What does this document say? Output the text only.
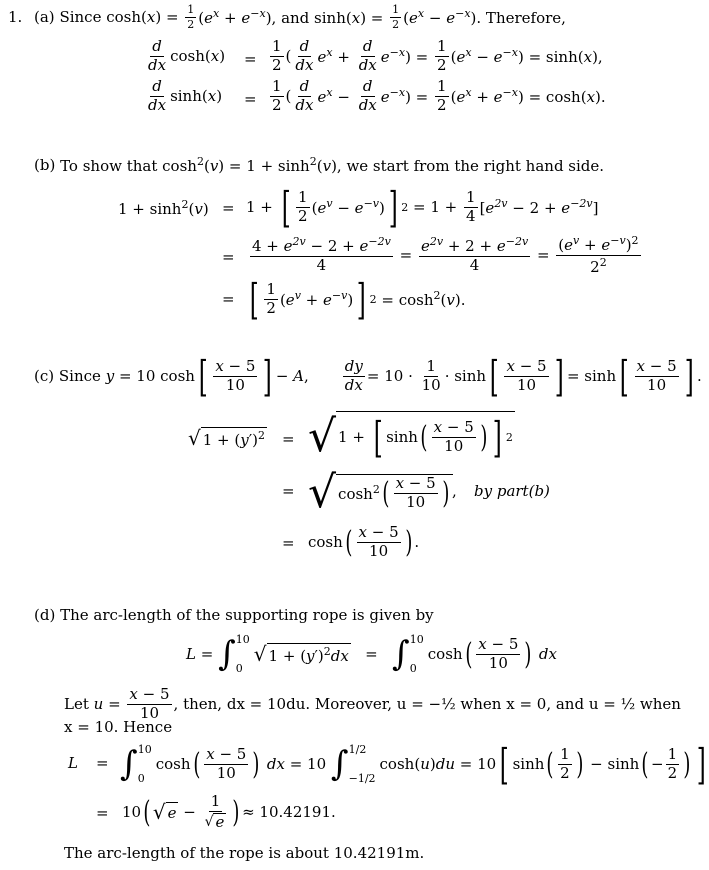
1. (a)
Since $\cosh(x) = \frac{1}{2} (e^x + e^{-x})$, and $\sinh(x) = \frac{1}{2} (e^x - e^{-x})$. Therefore,
$\frac{d}{dx} \cosh(x) = \frac{1}{2}$ ( $\frac{d}{dx} e^x + \frac{d}{dx} e^{-x}) = \frac{1}{2} (e^x - e^{-x}) = \sinh(x)$,
$\frac{d}{dx} \sinh(x) = \frac{1}{2}$ ( $\frac{d}{dx} e^x - \frac{d}{dx} e^{-x}) = \frac{1}{2} (e^x + e^{-x}) = \cosh(x)$.
(b)
To show that $\cosh^2(v) = 1 + \sinh^2(v)$, we start from the right hand side.
$1 + \sinh^2(v) = 1$ + [ $\frac{1}{2} (e^v - e^{-v})$ ] $2 = 1 + \frac{1}{4} [e^{2v} - 2 + e^{-2v}]$
= $\frac{4 + e^{2v} - 2 + e^{-2v}}{4} = \frac{e^{2v} + 2 + e^{-2v}}{4} = \frac{(e^v + e^{-v})^2}{2^2}$
= [ $\frac{1}{2} (e^v + e^{-v})$ ] $2 = \cosh^2(v)$.
(c)
Since
y = 10 cosh [ $\frac{x - 5}{10}$ ] − A, $\frac{dy}{dx} = 10 \cdot \frac{1}{10} \cdot \sinh$ [ $\frac{x - 5}{10}$ ] = sinh [ $\frac{x - 5}{10}$ ] .
√ $1 + (y')^2$ = √ 1 + [ sinh ( $\frac{x - 5}{10}$ ) ] 2
= √ $\cosh^2$ ( $\frac{x - 5}{10}$ ) , by part(b)
= cosh ( $\frac{x - 5}{10}$ ) .
(d)
The arc-length of the supporting rope is given by
L = ∫ 10
0
√ $1 + (y')^2dx$ = ∫ 10
0
cosh ( $\frac{x - 5}{10}$ ) dx
Let $u = \frac{x - 5}{10}$ , then, dx = 10du. Moreover, u = −½ when x = 0, and u = ½ when
x = 10. Hence
L = ∫ 10
0
cosh ( $\frac{x - 5}{10}$ ) dx = 10 ∫ 1/2
−1/2
cosh(u)du = 10 [ sinh ( $\frac{1}{2}$ ) − sinh ( − $\frac{1}{2}$ ) ]
= 10 ( √ $e - \frac{1}{√ e}$ ) ≈ 10.42191.
The arc-length of the rope is about 10.42191m.
